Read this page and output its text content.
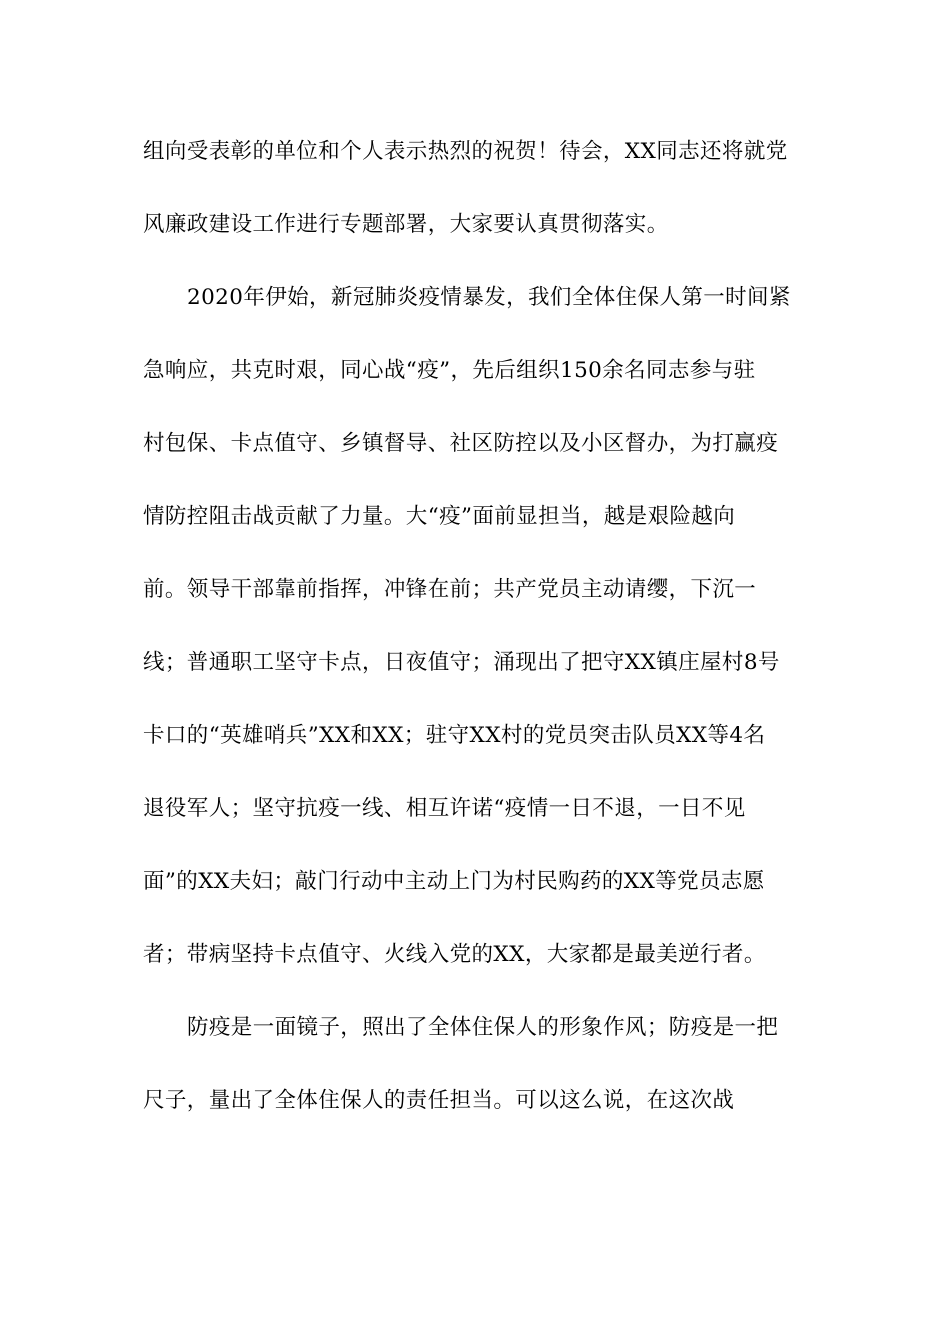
组向受表彰的单位和个人表示热烈的祝贺！待会，XX同志还将就党
风廉政建设工作进行专题部署，大家要认真贯彻落实。
2020年伊始，新冠肺炎疫情暴发，我们全体住保人第一时间紧
急响应，共克时艰，同心战“疫”，先后组织150余名同志参与驻
村包保、卡点值守、乡镇督导、社区防控以及小区督办，为打赢疫
情防控阻击战贡献了力量。大“疫”面前显担当，越是艰险越向
前。领导干部靠前指挥，冲锋在前；共产党员主动请缨，下沉一
线；普通职工坚守卡点，日夜值守；涌现出了把守XX镇庄屋村8号
卡口的“英雄哨兵”XX和XX；驻守XX村的党员突击队员XX等4名
退役军人；坚守抗疫一线、相互许诺“疫情一日不退，一日不见
面”的XX夫妇；敲门行动中主动上门为村民购药的XX等党员志愿
者；带病坚持卡点值守、火线入党的XX，大家都是最美逆行者。
防疫是一面镜子，照出了全体住保人的形象作风；防疫是一把
尺子，量出了全体住保人的责任担当。可以这么说，在这次战
